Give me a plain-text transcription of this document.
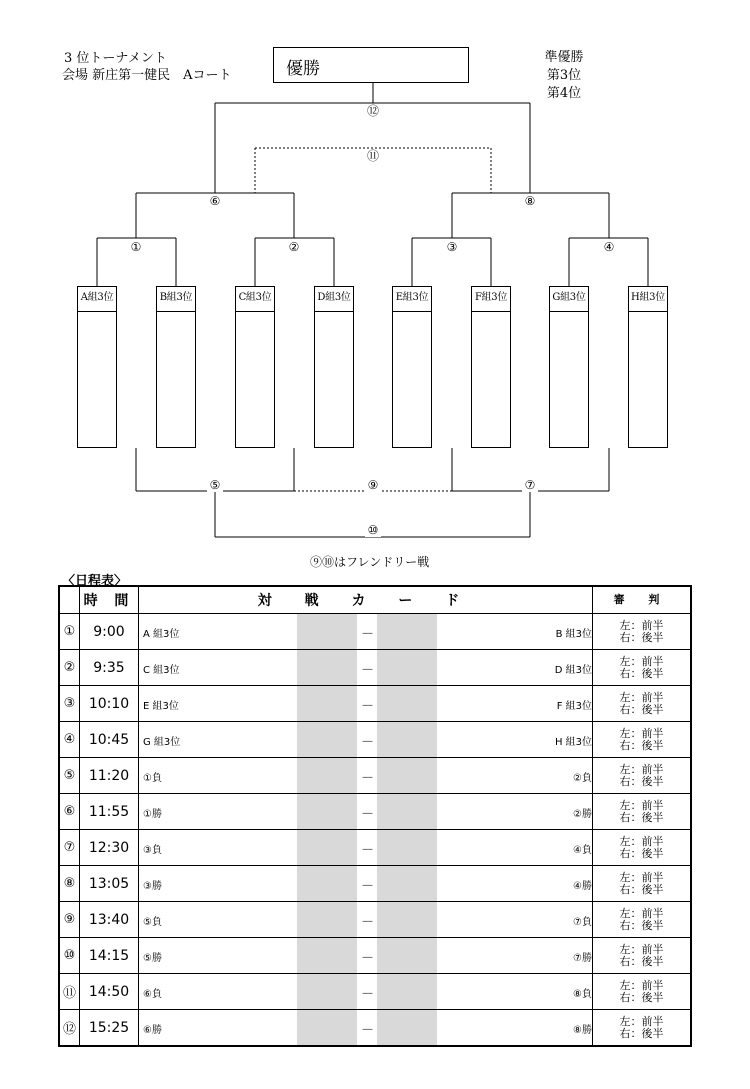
3 位トーナメント
会場 新庄第一健民　Aコート	優勝
準優勝
第3位
第4位
⑫
⑪
⑥	⑧
①	②	③	④
⑤	⑨	⑦
⑩
A組3位	B組3位	C組3位	D組3位	E組3位	F組3位	G組3位	H組3位
⑨⑩はフレンドリー戦
〈日程表〉
	時 間	対 戦 カ ー ド	審 判
①	9:00	A 組3位 － B 組3位	左：前半
右：後半

②	9:35	C 組3位 － D 組3位	左：前半
右：後半

③	10:10	E 組3位 － F 組3位	左：前半
右：後半

④	10:45	G 組3位 － H 組3位	左：前半
右：後半

⑤	11:20	①負 － ②負	左：前半
右：後半

⑥	11:55	①勝 － ②勝	左：前半
右：後半

⑦	12:30	③負 － ④負	左：前半
右：後半

⑧	13:05	③勝 － ④勝	左：前半
右：後半

⑨	13:40	⑤負 － ⑦負	左：前半
右：後半

⑩	14:15	⑤勝 － ⑦勝	左：前半
右：後半

⑪	14:50	⑥負 － ⑧負	左：前半
右：後半

⑫	15:25	⑥勝 － ⑧勝	左：前半
右：後半
